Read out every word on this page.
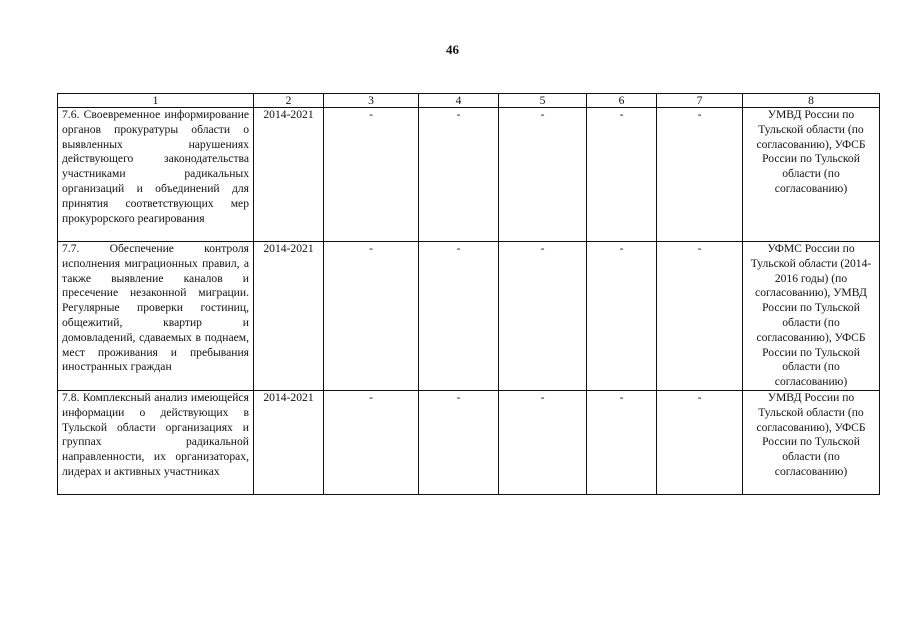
46
1	2	3	4	5	6	7	8
7.6. Своевременное информирование органов прокуратуры области о выявленных нарушениях действующего законодательства участниками радикальных организаций и объединений для принятия соответствующих мер прокурорского реагирования	2014-2021	-	-	-	-	-	УМВД России по Тульской области (по согласованию), УФСБ России по Тульской области (по согласованию)
7.7. Обеспечение контроля исполнения миграционных правил, а также выявление каналов и пресечение незаконной миграции. Регулярные проверки гостиниц, общежитий, квартир и домовладений, сдаваемых в поднаем, мест проживания и пребывания иностранных граждан	2014-2021	-	-	-	-	-	УФМС России по Тульской области (2014-2016 годы) (по согласованию), УМВД России по Тульской области (по согласованию), УФСБ России по Тульской области (по согласованию)
7.8. Комплексный анализ имеющейся информации о действующих в Тульской области организациях и группах радикальной направленности, их организаторах, лидерах и активных участниках	2014-2021	-	-	-	-	-	УМВД России по Тульской области (по согласованию), УФСБ России по Тульской области (по согласованию)
